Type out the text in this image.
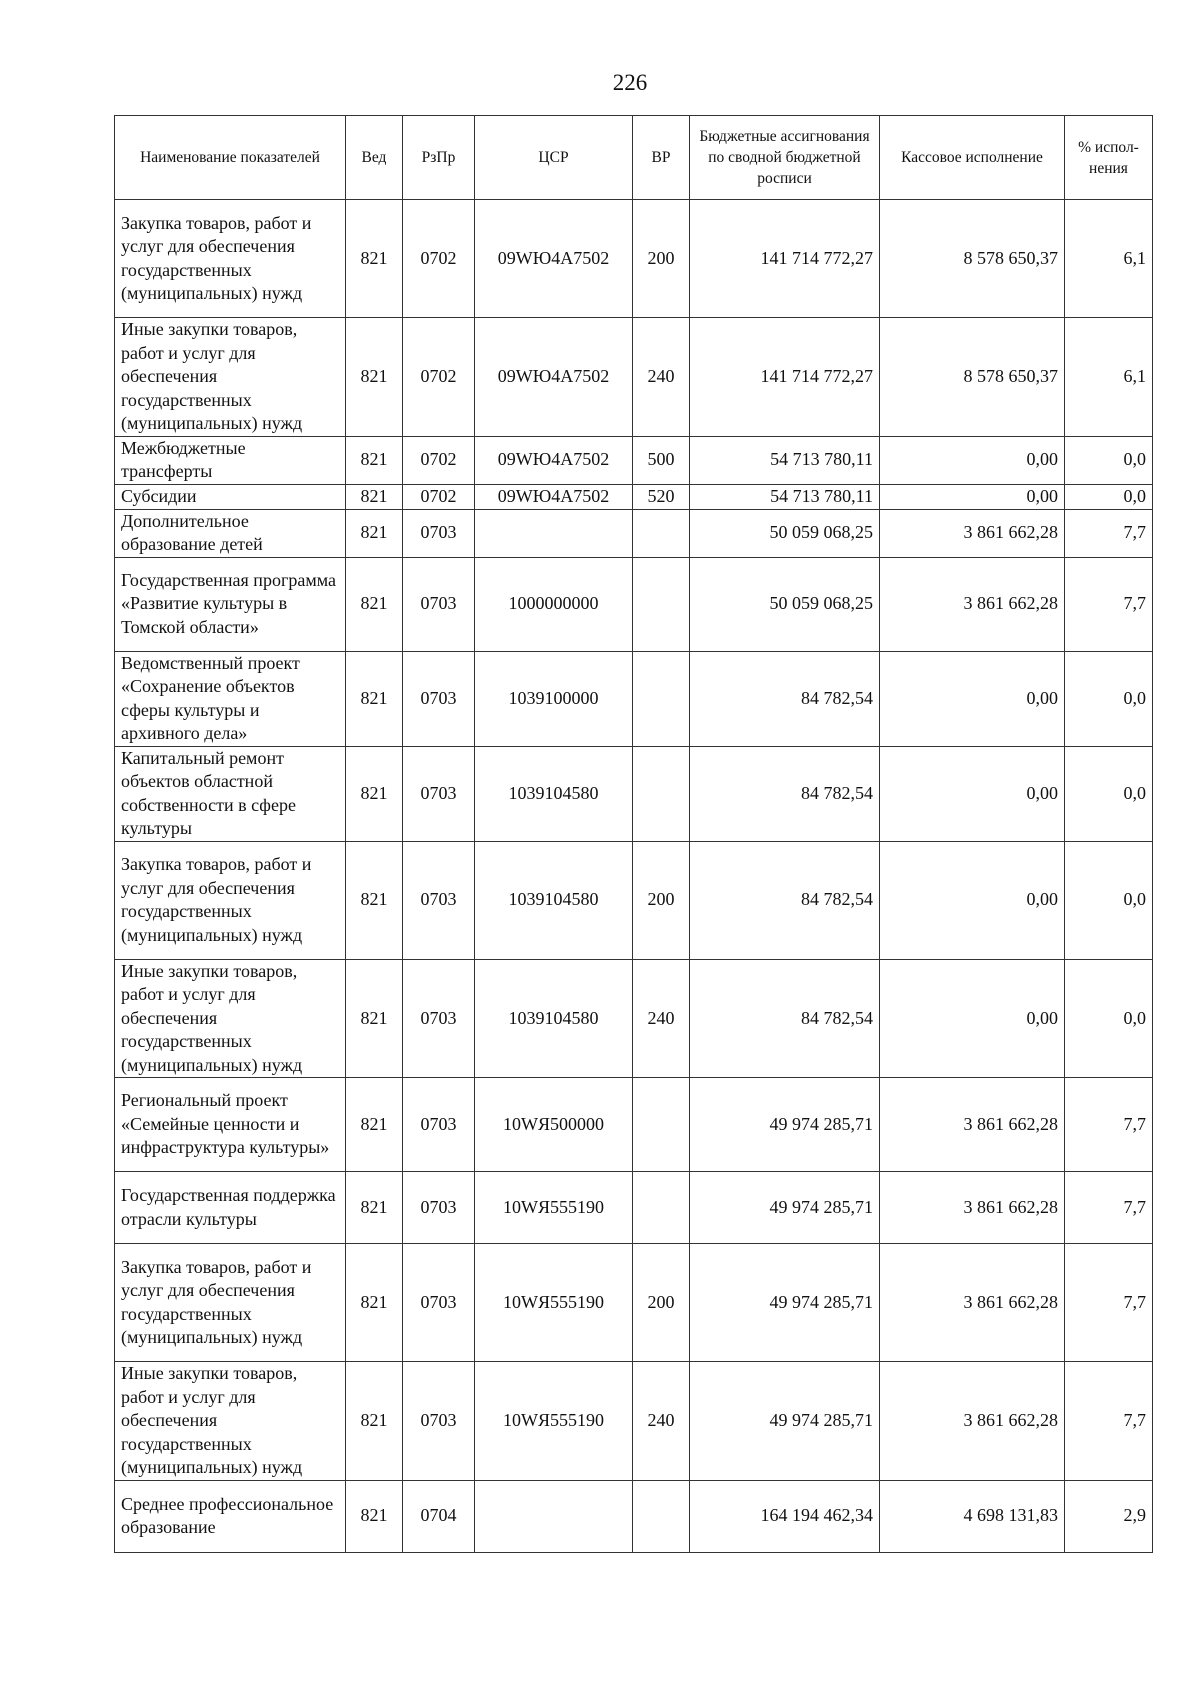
226
Наименование показателей	Вед	РзПр	ЦСР	ВР	Бюджетные ассигнования по сводной бюджетной росписи	Кассовое исполнение	% испол-нения
Закупка товаров, работ и услуг для обеспечения государственных (муниципальных) нужд	821	0702	09WЮ4А7502	200	141 714 772,27	8 578 650,37	6,1
Иные закупки товаров, работ и услуг для обеспечения государственных (муниципальных) нужд	821	0702	09WЮ4А7502	240	141 714 772,27	8 578 650,37	6,1
Межбюджетные трансферты	821	0702	09WЮ4А7502	500	54 713 780,11	0,00	0,0
Субсидии	821	0702	09WЮ4А7502	520	54 713 780,11	0,00	0,0
Дополнительное образование детей	821	0703			50 059 068,25	3 861 662,28	7,7
Государственная программа «Развитие культуры в Томской области»	821	0703	1000000000		50 059 068,25	3 861 662,28	7,7
Ведомственный проект «Сохранение объектов сферы культуры и архивного дела»	821	0703	1039100000		84 782,54	0,00	0,0
Капитальный ремонт объектов областной собственности в сфере культуры	821	0703	1039104580		84 782,54	0,00	0,0
Закупка товаров, работ и услуг для обеспечения государственных (муниципальных) нужд	821	0703	1039104580	200	84 782,54	0,00	0,0
Иные закупки товаров, работ и услуг для обеспечения государственных (муниципальных) нужд	821	0703	1039104580	240	84 782,54	0,00	0,0
Региональный проект «Семейные ценности и инфраструктура культуры»	821	0703	10WЯ500000		49 974 285,71	3 861 662,28	7,7
Государственная поддержка отрасли культуры	821	0703	10WЯ555190		49 974 285,71	3 861 662,28	7,7
Закупка товаров, работ и услуг для обеспечения государственных (муниципальных) нужд	821	0703	10WЯ555190	200	49 974 285,71	3 861 662,28	7,7
Иные закупки товаров, работ и услуг для обеспечения государственных (муниципальных) нужд	821	0703	10WЯ555190	240	49 974 285,71	3 861 662,28	7,7
Среднее профессиональное образование	821	0704			164 194 462,34	4 698 131,83	2,9
